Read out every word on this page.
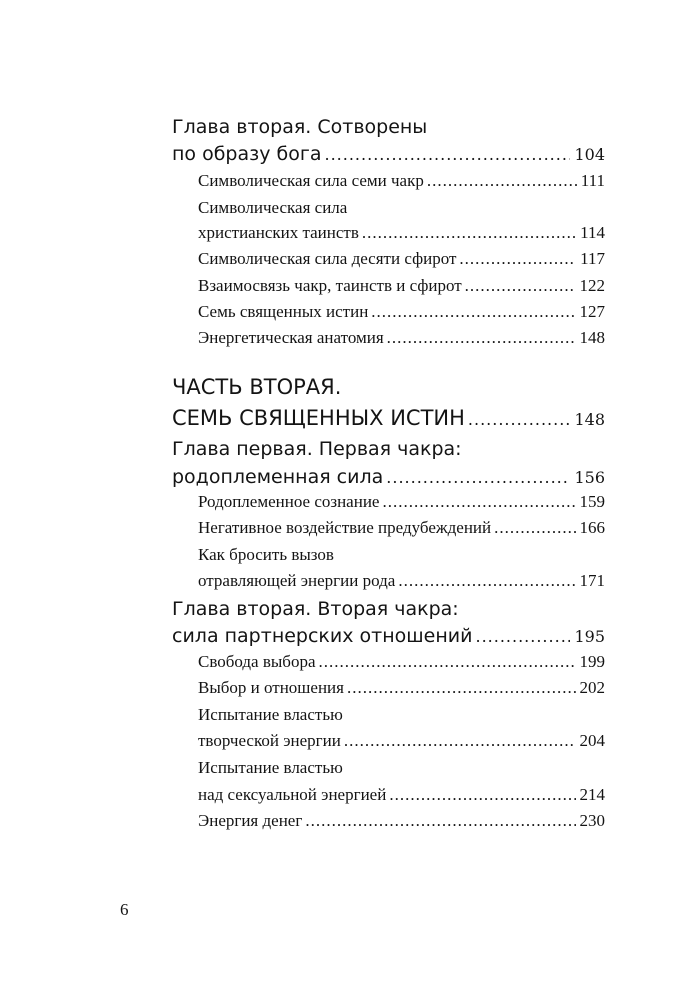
Глава вторая. Сотворены
по образу бога .....	104
Символическая сила семи чакр .....	111
Символическая сила
христианских таинств .....	114
Символическая сила десяти сфирот .....	117
Взаимосвязь чакр, таинств и сфирот .....	122
Семь священных истин .....	127
Энергетическая анатомия .....	148
ЧАСТЬ ВТОРАЯ.
СЕМЬ СВЯЩЕННЫХ ИСТИН .....	148
Глава первая. Первая чакра:
родоплеменная сила .....	156
Родоплеменное сознание .....	159
Негативное воздействие предубеждений .....	166
Как бросить вызов
отравляющей энергии рода .....	171
Глава вторая. Вторая чакра:
сила партнерских отношений .....	195
Свобода выбора .....	199
Выбор и отношения .....	202
Испытание властью
творческой энергии .....	204
Испытание властью
над сексуальной энергией .....	214
Энергия денег .....	230
6
